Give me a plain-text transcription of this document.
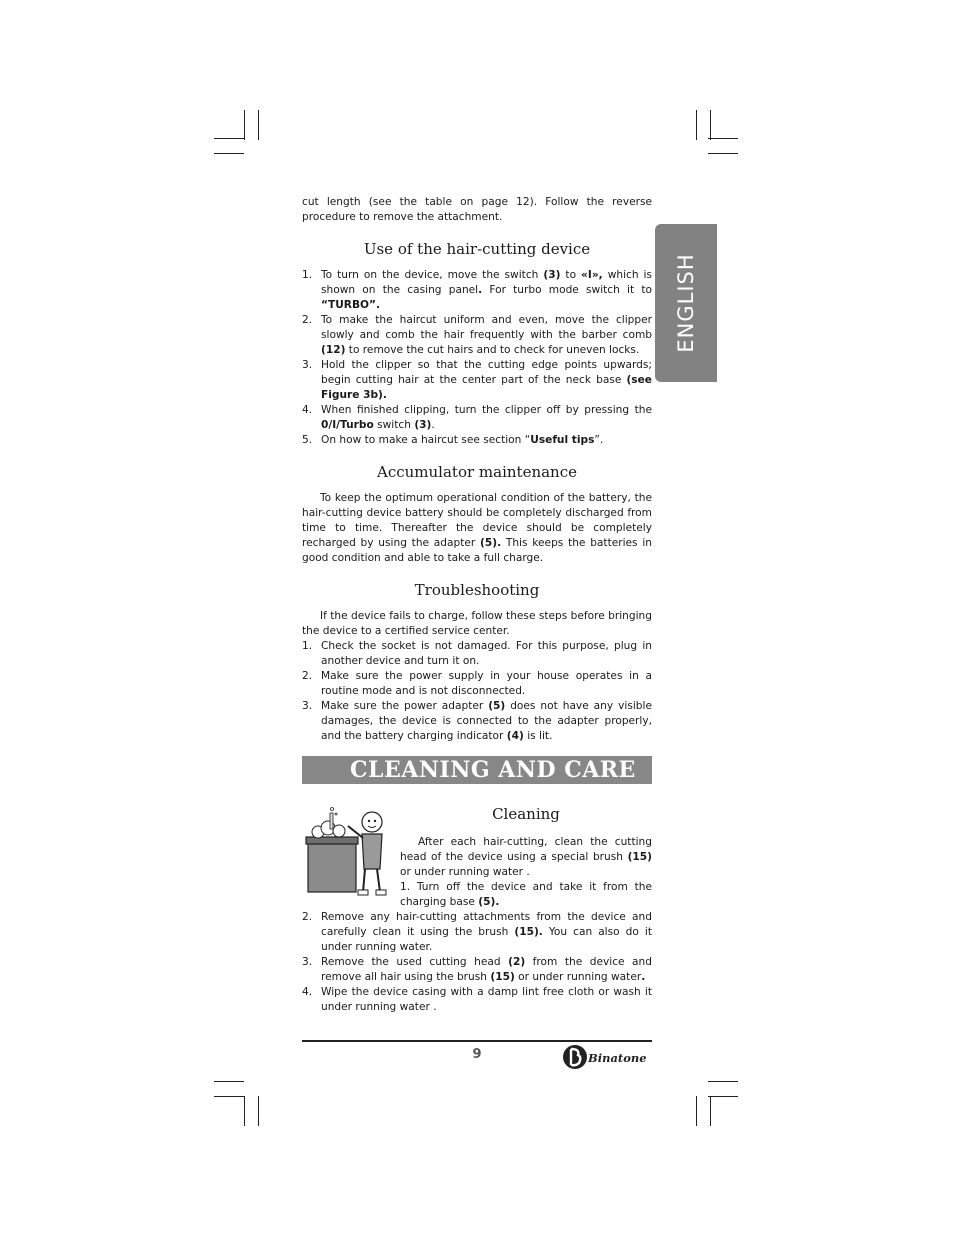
ENGLISH

cut length (see the table on page 12). Follow the reverse procedure to remove the attachment.

Use of the hair-cutting device
1. To turn on the device, move the switch (3) to «I», which is shown on the casing panel. For turbo mode switch it to “TURBO”.
2. To make the haircut uniform and even, move the clipper slowly and comb the hair frequently with the barber comb (12) to remove the cut hairs and to check for uneven locks.
3. Hold the clipper so that the cutting edge points upwards; begin cutting hair at the center part of the neck base (see Figure 3b).
4. When finished clipping, turn the clipper off by pressing the 0/I/Turbo switch (3).
5. On how to make a haircut see section “Useful tips”.
Accumulator maintenance

To keep the optimum operational condition of the battery, the hair-cutting device battery should be completely discharged from time to time. Thereafter the device should be completely recharged by using the adapter (5). This keeps the batteries in good condition and able to take a full charge.

Troubleshooting

If the device fails to charge, follow these steps before bringing the device to a certified service center.

1. Check the socket is not damaged. For this purpose, plug in another device and turn it on.
2. Make sure the power supply in your house operates in a routine mode and is not disconnected.
3. Make sure the power adapter (5) does not have any visible damages, the device is connected to the adapter properly, and the battery charging indicator (4) is lit.
CLEANING AND CARE
Cleaning

After each hair-cutting, clean the cutting head of the device using a special brush (15) or under running water .

1. Turn off the device and take it from the charging base (5).

2. Remove any hair-cutting attachments from the device and carefully clean it using the brush (15). You can also do it under running water.
3. Remove the used cutting head (2) from the device and remove all hair using the brush (15) or under running water.
4. Wipe the device casing with a damp lint free cloth or wash it under running water .
9	Binatone
